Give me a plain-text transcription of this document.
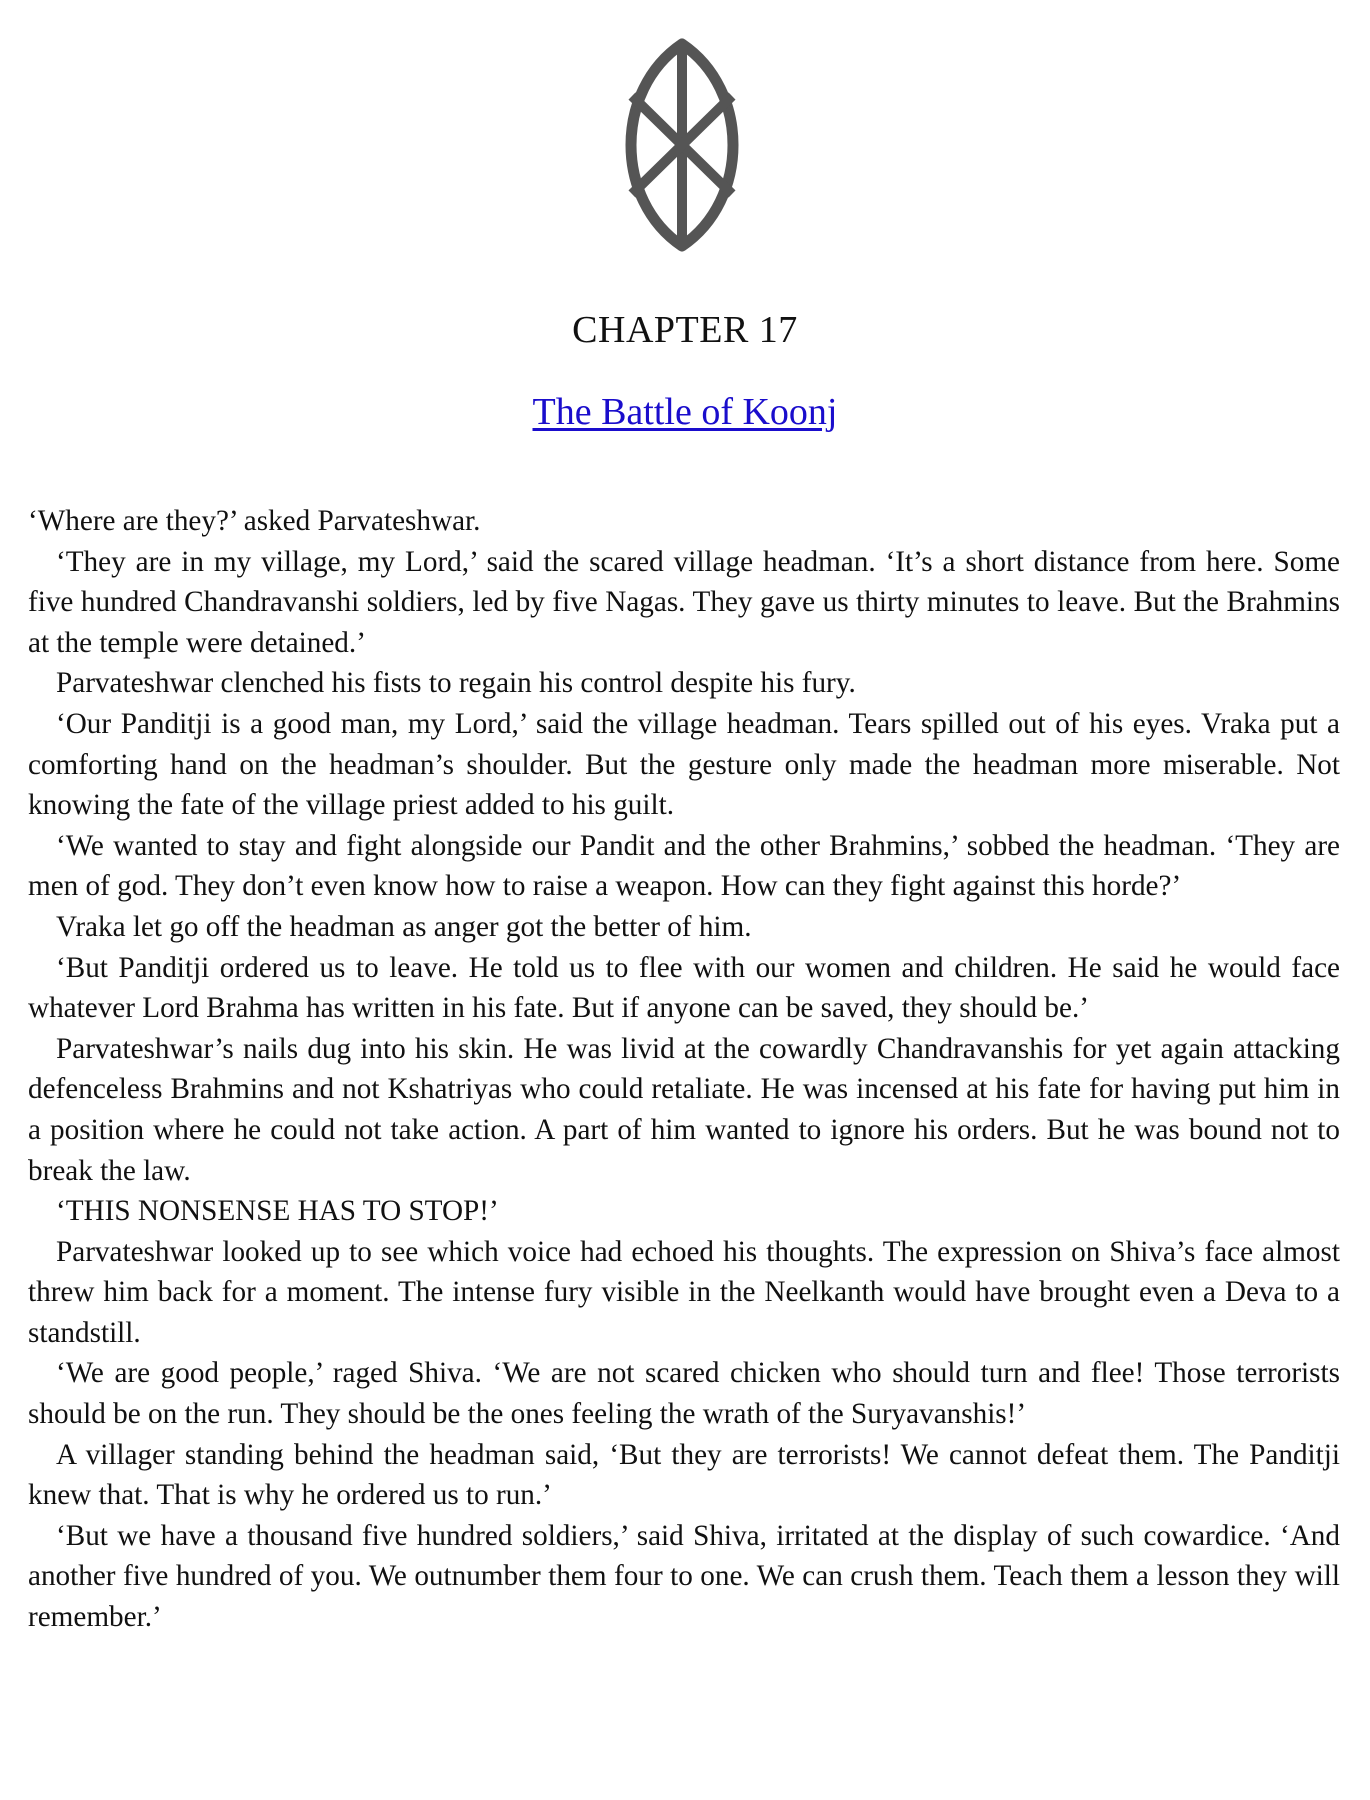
CHAPTER 17
The Battle of Koonj

‘Where are they?’ asked Parvateshwar.

‘They are in my village, my Lord,’ said the scared village headman. ‘It’s a short distance from here. Some five hundred Chandravanshi soldiers, led by five Nagas. They gave us thirty minutes to leave. But the Brahmins at the temple were detained.’

Parvateshwar clenched his fists to regain his control despite his fury.

‘Our Panditji is a good man, my Lord,’ said the village headman. Tears spilled out of his eyes. Vraka put a comforting hand on the headman’s shoulder. But the gesture only made the headman more miserable. Not knowing the fate of the village priest added to his guilt.

‘We wanted to stay and fight alongside our Pandit and the other Brahmins,’ sobbed the headman. ‘They are men of god. They don’t even know how to raise a weapon. How can they fight against this horde?’

Vraka let go off the headman as anger got the better of him.

‘But Panditji ordered us to leave. He told us to flee with our women and children. He said he would face whatever Lord Brahma has written in his fate. But if anyone can be saved, they should be.’

Parvateshwar’s nails dug into his skin. He was livid at the cowardly Chandravanshis for yet again attacking defenceless Brahmins and not Kshatriyas who could retaliate. He was incensed at his fate for having put him in a position where he could not take action. A part of him wanted to ignore his orders. But he was bound not to break the law.

‘THIS NONSENSE HAS TO STOP!’

Parvateshwar looked up to see which voice had echoed his thoughts. The expression on Shiva’s face almost threw him back for a moment. The intense fury visible in the Neelkanth would have brought even a Deva to a standstill.

‘We are good people,’ raged Shiva. ‘We are not scared chicken who should turn and flee! Those terrorists should be on the run. They should be the ones feeling the wrath of the Suryavanshis!’

A villager standing behind the headman said, ‘But they are terrorists! We cannot defeat them. The Panditji knew that. That is why he ordered us to run.’

‘But we have a thousand five hundred soldiers,’ said Shiva, irritated at the display of such cowardice. ‘And another five hundred of you. We outnumber them four to one. We can crush them. Teach them a lesson they will remember.’
